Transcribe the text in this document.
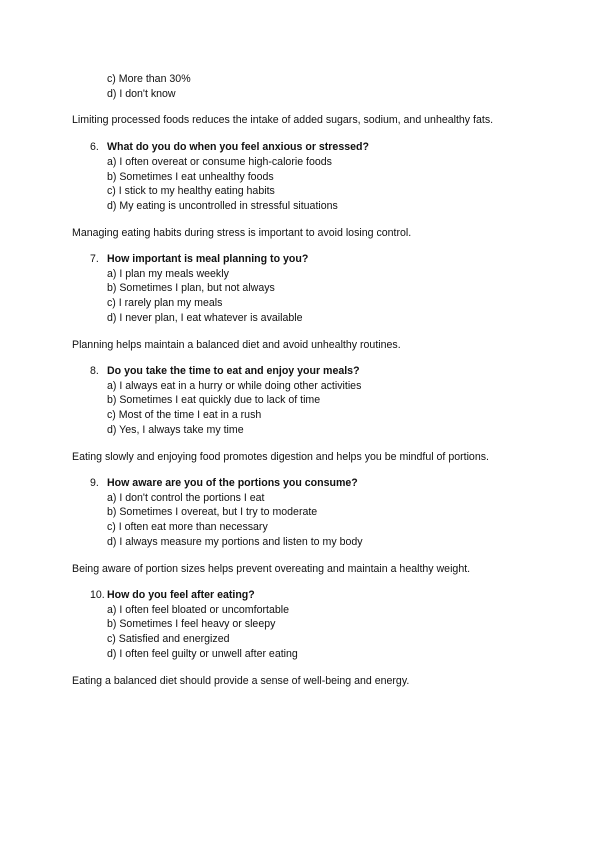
c) More than 30%
d) I don't know
Limiting processed foods reduces the intake of added sugars, sodium, and unhealthy fats.
6. What do you do when you feel anxious or stressed?
a) I often overeat or consume high-calorie foods
b) Sometimes I eat unhealthy foods
c) I stick to my healthy eating habits
d) My eating is uncontrolled in stressful situations
Managing eating habits during stress is important to avoid losing control.
7. How important is meal planning to you?
a) I plan my meals weekly
b) Sometimes I plan, but not always
c) I rarely plan my meals
d) I never plan, I eat whatever is available
Planning helps maintain a balanced diet and avoid unhealthy routines.
8. Do you take the time to eat and enjoy your meals?
a) I always eat in a hurry or while doing other activities
b) Sometimes I eat quickly due to lack of time
c) Most of the time I eat in a rush
d) Yes, I always take my time
Eating slowly and enjoying food promotes digestion and helps you be mindful of portions.
9. How aware are you of the portions you consume?
a) I don't control the portions I eat
b) Sometimes I overeat, but I try to moderate
c) I often eat more than necessary
d) I always measure my portions and listen to my body
Being aware of portion sizes helps prevent overeating and maintain a healthy weight.
10. How do you feel after eating?
a) I often feel bloated or uncomfortable
b) Sometimes I feel heavy or sleepy
c) Satisfied and energized
d) I often feel guilty or unwell after eating
Eating a balanced diet should provide a sense of well-being and energy.
